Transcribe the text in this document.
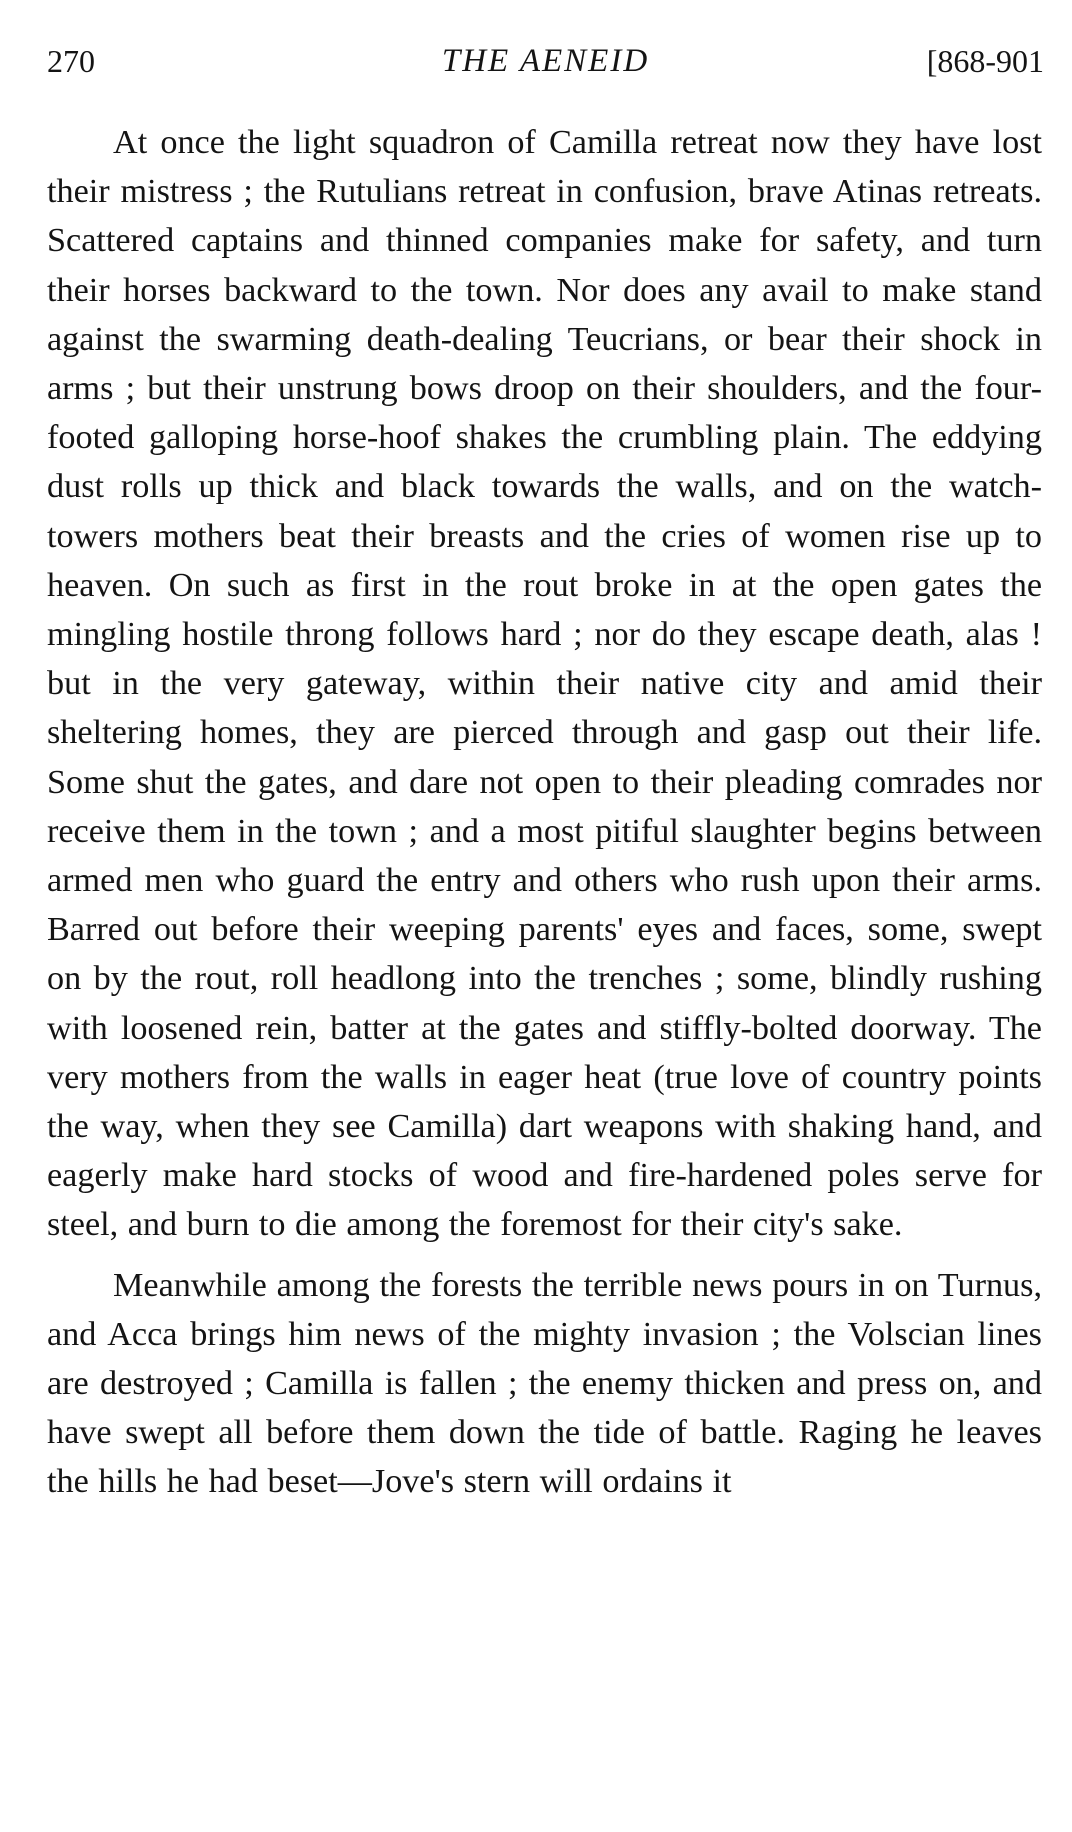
270	THE AENEID	[868-901

At once the light squadron of Camilla retreat now they have lost their mistress ; the Rutulians retreat in confusion, brave Atinas retreats. Scattered captains and thinned companies make for safety, and turn their horses backward to the town. Nor does any avail to make stand against the swarming death-dealing Teucrians, or bear their shock in arms ; but their unstrung bows droop on their shoulders, and the four-footed galloping horse-hoof shakes the crumbling plain. The eddying dust rolls up thick and black towards the walls, and on the watch-towers mothers beat their breasts and the cries of women rise up to heaven. On such as first in the rout broke in at the open gates the mingling hostile throng follows hard ; nor do they escape death, alas ! but in the very gateway, within their native city and amid their sheltering homes, they are pierced through and gasp out their life. Some shut the gates, and dare not open to their pleading comrades nor receive them in the town ; and a most pitiful slaughter begins between armed men who guard the entry and others who rush upon their arms. Barred out before their weeping parents' eyes and faces, some, swept on by the rout, roll headlong into the trenches ; some, blindly rushing with loosened rein, batter at the gates and stiffly-bolted doorway. The very mothers from the walls in eager heat (true love of country points the way, when they see Camilla) dart weapons with shaking hand, and eagerly make hard stocks of wood and fire-hardened poles serve for steel, and burn to die among the foremost for their city's sake.

Meanwhile among the forests the terrible news pours in on Turnus, and Acca brings him news of the mighty invasion ; the Volscian lines are destroyed ; Camilla is fallen ; the enemy thicken and press on, and have swept all before them down the tide of battle. Raging he leaves the hills he had beset—Jove's stern will ordains it
